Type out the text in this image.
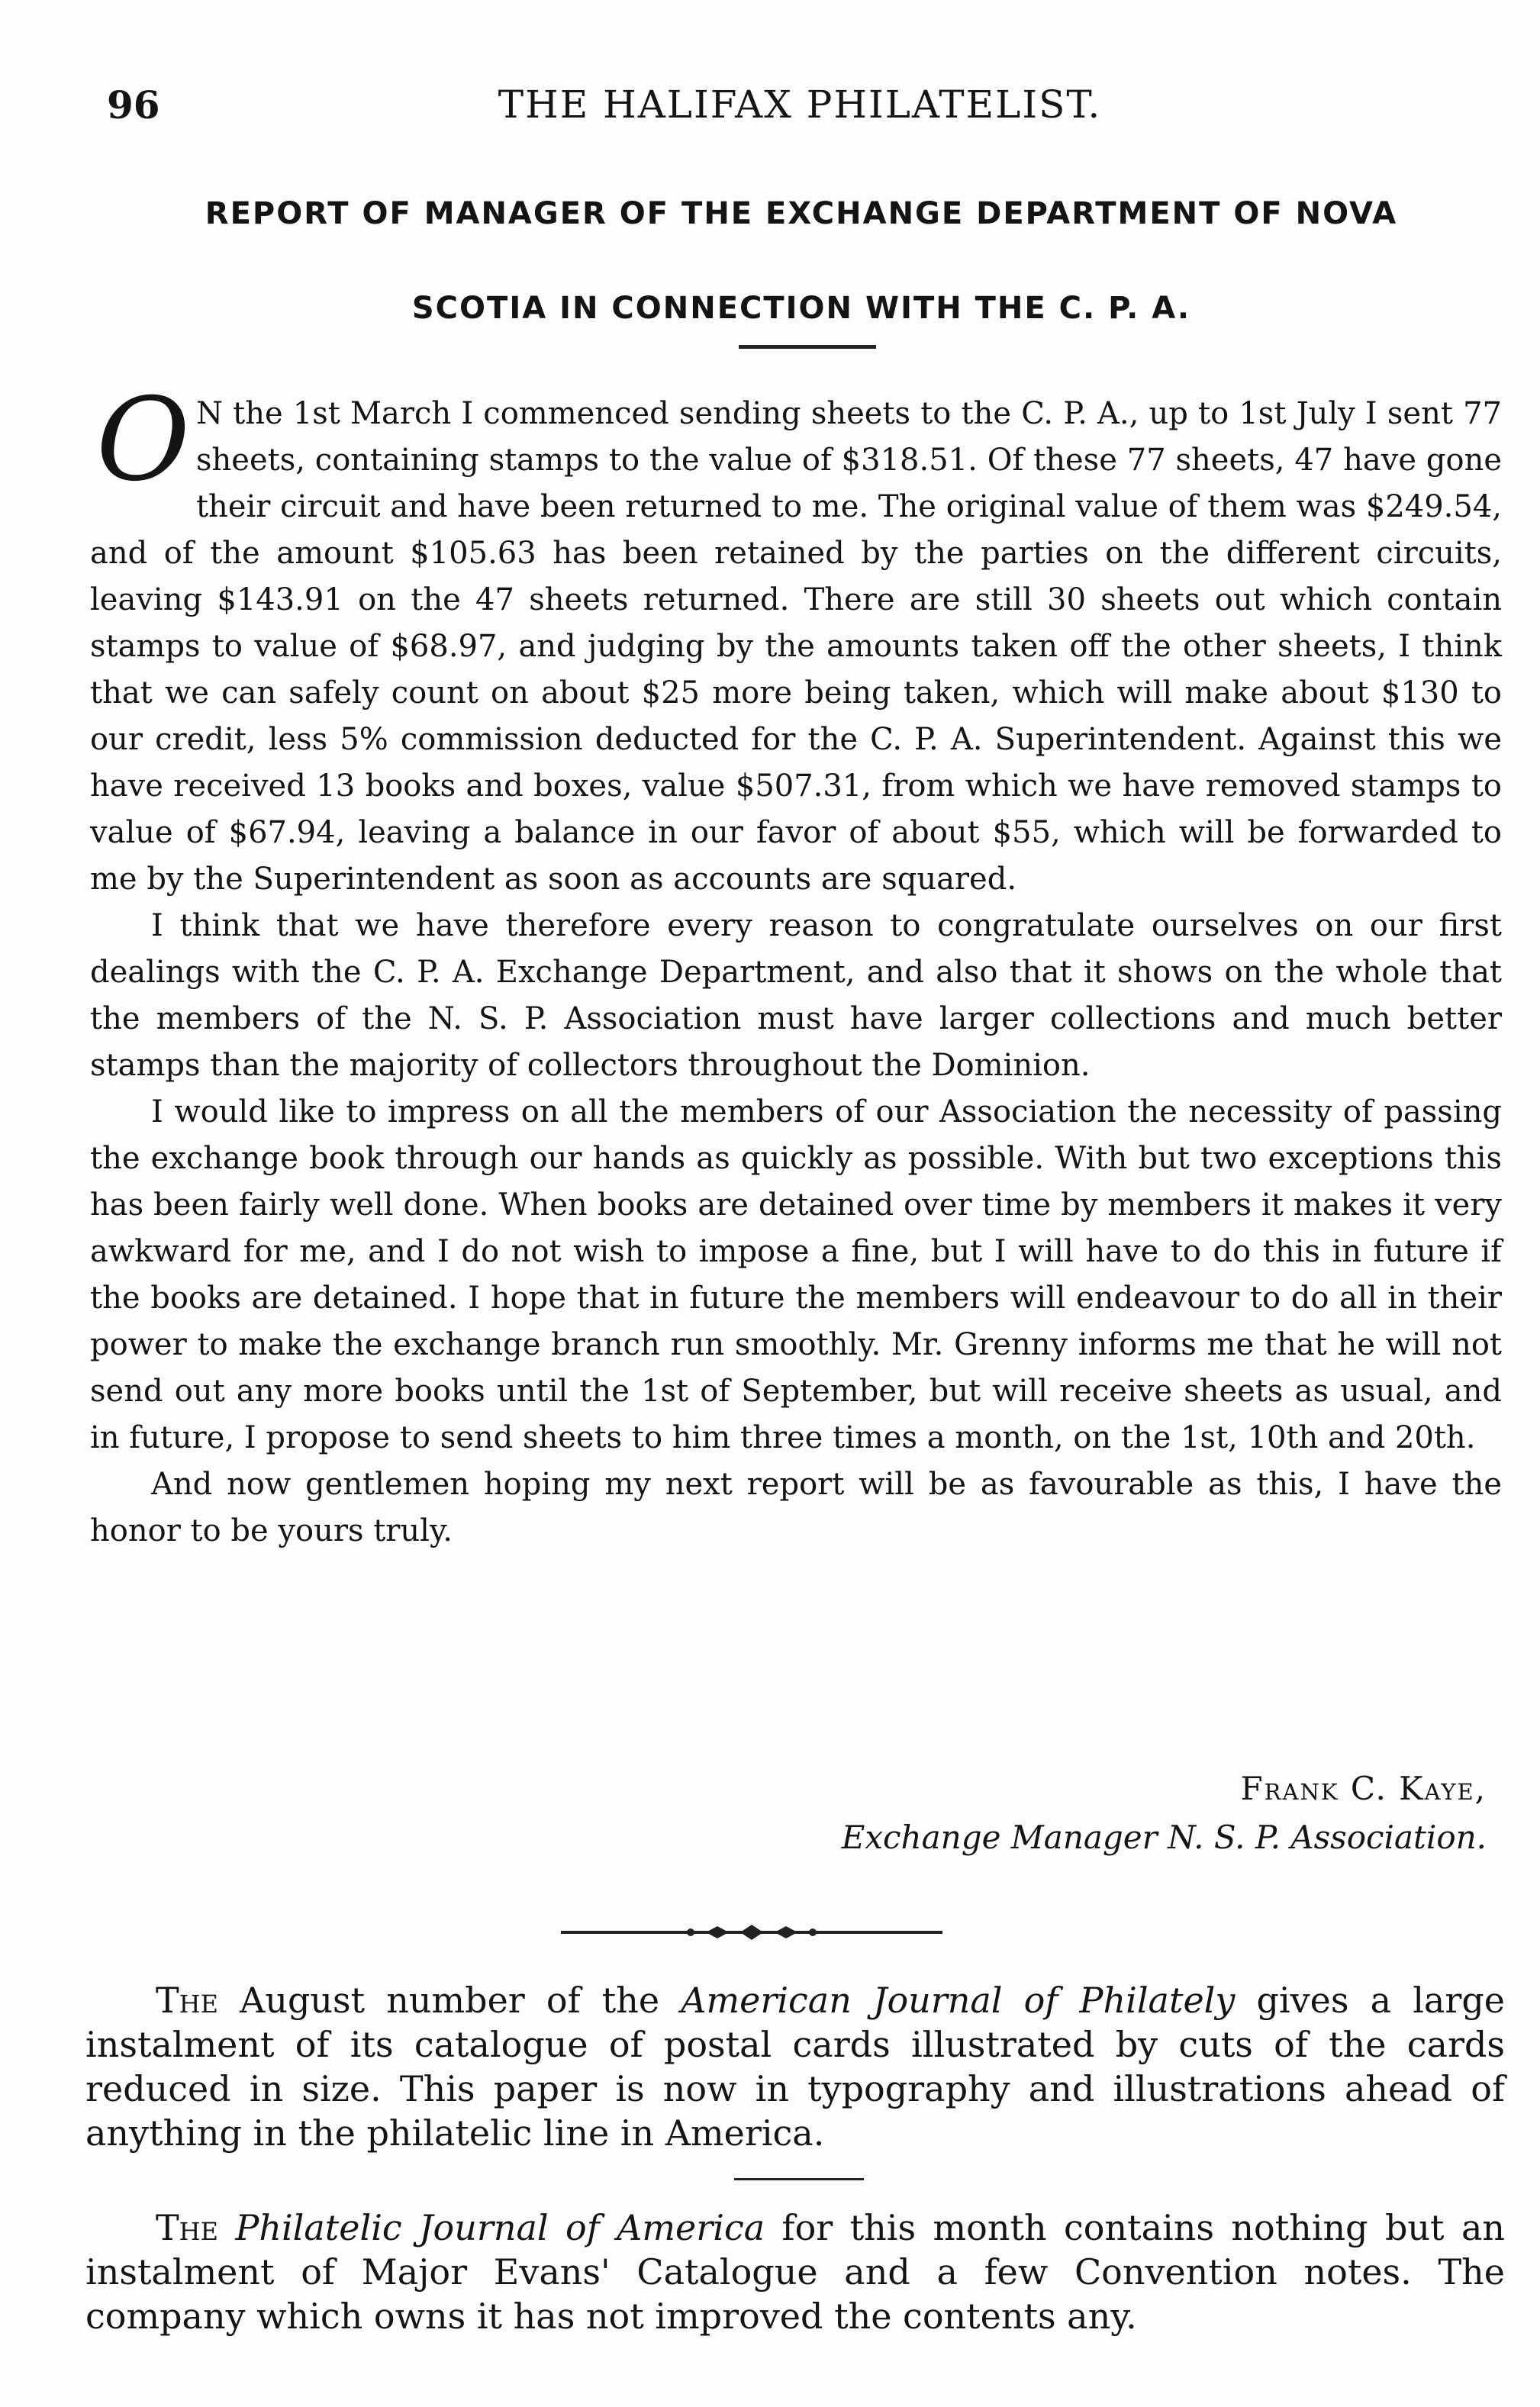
96	THE HALIFAX PHILATELIST.
REPORT OF MANAGER OF THE EXCHANGE DEPARTMENT OF NOVA
SCOTIA IN CONNECTION WITH THE C. P. A.

O N the 1st March I commenced sending sheets to the C. P. A., up to 1st July I sent 77 sheets, containing stamps to the value of $318.51. Of these 77 sheets, 47 have gone their circuit and have been returned to me. The original value of them was $249.54, and of the amount $105.63 has been retained by the parties on the different circuits, leaving $143.91 on the 47 sheets returned. There are still 30 sheets out which contain stamps to value of $68.97, and judging by the amounts taken off the other sheets, I think that we can safely count on about $25 more being taken, which will make about $130 to our credit, less 5% commission deducted for the C. P. A. Superintendent. Against this we have received 13 books and boxes, value $507.31, from which we have removed stamps to value of $67.94, leaving a balance in our favor of about $55, which will be forwarded to me by the Superintendent as soon as accounts are squared.

I think that we have therefore every reason to congratulate ourselves on our first dealings with the C. P. A. Exchange Department, and also that it shows on the whole that the members of the N. S. P. Association must have larger collections and much better stamps than the majority of collectors throughout the Dominion.

I would like to impress on all the members of our Association the necessity of passing the exchange book through our hands as quickly as possible. With but two exceptions this has been fairly well done. When books are detained over time by members it makes it very awkward for me, and I do not wish to impose a fine, but I will have to do this in future if the books are detained. I hope that in future the members will endeavour to do all in their power to make the exchange branch run smoothly. Mr. Grenny informs me that he will not send out any more books until the 1st of September, but will receive sheets as usual, and in future, I propose to send sheets to him three times a month, on the 1st, 10th and 20th.

And now gentlemen hoping my next report will be as favourable as this, I have the honor to be yours truly.

Frank C. Kaye,
Exchange Manager N. S. P. Association.

The August number of the American Journal of Philately gives a large instalment of its catalogue of postal cards illustrated by cuts of the cards reduced in size. This paper is now in typography and illustrations ahead of anything in the philatelic line in America.

The Philatelic Journal of America for this month contains nothing but an instalment of Major Evans' Catalogue and a few Convention notes. The company which owns it has not improved the contents any.
